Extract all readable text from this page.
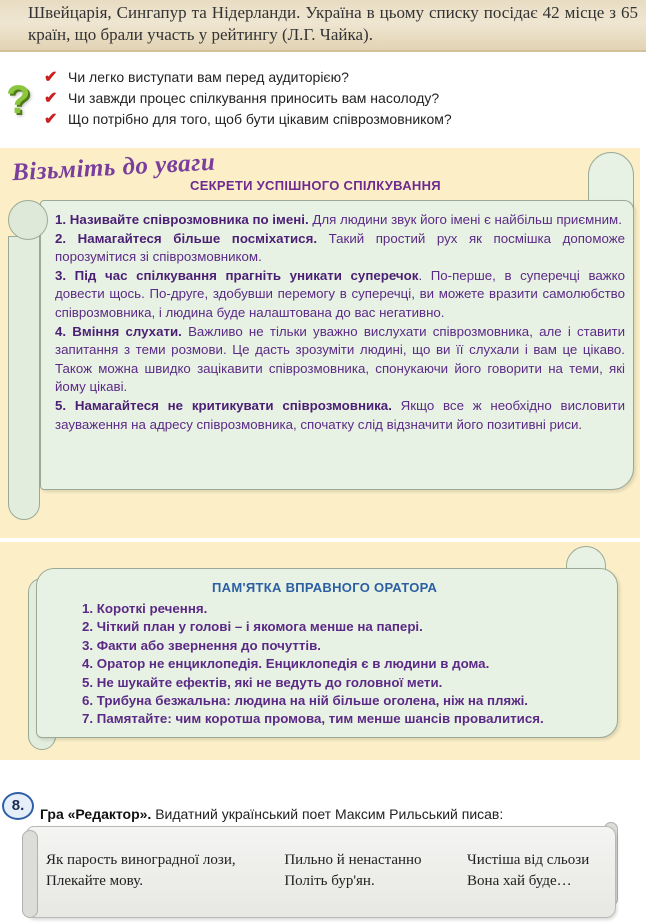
Швейцарія, Сингапур та Нідерланди. Україна в цьому списку посідає 42 місце з 65 країн, що брали участь у рейтингу (Л.Г. Чайка).
?
✔ Чи легко виступати вам перед аудиторією?
✔ Чи завжди процес спілкування приносить вам насолоду?
✔ Що потрібно для того, щоб бути цікавим співрозмовником?
Візьміть до уваги
СЕКРЕТИ УСПІШНОГО СПІЛКУВАННЯ

1. Називайте співрозмовника по імені. Для людини звук його імені є найбільш приємним.

2. Намагайтеся більше посміхатися. Такий простий рух як посмішка допоможе порозумітися зі співрозмовником.

3. Під час спілкування прагніть уникати суперечок. По-перше, в суперечці важко довести щось. По-друге, здобувши перемогу в суперечці, ви можете вразити самолюбство співрозмовника, і людина буде налаштована до вас негативно.

4. Вміння слухати. Важливо не тільки уважно вислухати співрозмовника, але і ставити запитання з теми розмови. Це дасть зрозуміти людині, що ви її слухали і вам це цікаво. Також можна швидко зацікавити співрозмовника, спонукаючи його говорити на теми, які йому цікаві.

5. Намагайтеся не критикувати співрозмовника. Якщо все ж необхідно висловити зауваження на адресу співрозмовника, спочатку слід відзначити його позитивні риси.

ПАМ'ЯТКА ВПРАВНОГО ОРАТОРА
1. Короткі речення.
2. Чіткий план у голові – і якомога менше на папері.
3. Факти або звернення до почуттів.
4. Оратор не енциклопедія. Енциклопедія є в людини в дома.
5. Не шукайте ефектів, які не ведуть до головної мети.
6. Трибуна безжальна: людина на ній більше оголена, ніж на пляжі.
7. Памятайте: чим коротша промова, тим менше шансів провалитися.
8.	Гра «Редактор». Видатний український поет Максим Рильський писав:
Як парость виноградної лози,	Пильно й ненастанно	Чистіша від сльози
Плекайте мову.	Політь бур'ян.	Вона хай буде…
